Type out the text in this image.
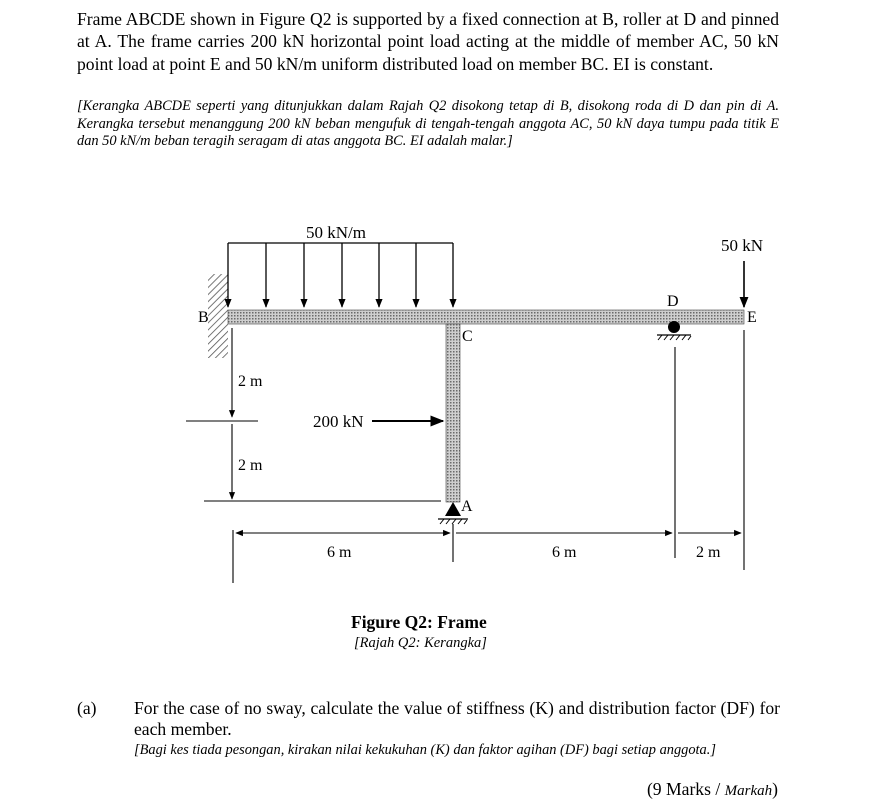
Frame ABCDE shown in Figure Q2 is supported by a fixed connection at B, roller at D and pinned at A. The frame carries 200 kN horizontal point load acting at the middle of member AC, 50 kN point load at point E and 50 kN/m uniform distributed load on member BC. EI is constant.

[Kerangka ABCDE seperti yang ditunjukkan dalam Rajah Q2 disokong tetap di B, disokong roda di D dan pin di A. Kerangka tersebut menanggung 200 kN beban mengufuk di tengah-tengah anggota AC, 50 kN daya tumpu pada titik E dan 50 kN/m beban teragih seragam di atas anggota BC. EI adalah malar.]

50 kN/m
50 kN
B
C
D
E
A
200 kN
2 m
2 m
6 m	6 m	2 m
Figure Q2: Frame
[Rajah Q2: Kerangka]
(a) For the case of no sway, calculate the value of stiffness (K) and distribution factor (DF) for each member.

[Bagi kes tiada pesongan, kirakan nilai kekukuhan (K) dan faktor agihan (DF) bagi setiap anggota.]

(9 Marks / Markah)
